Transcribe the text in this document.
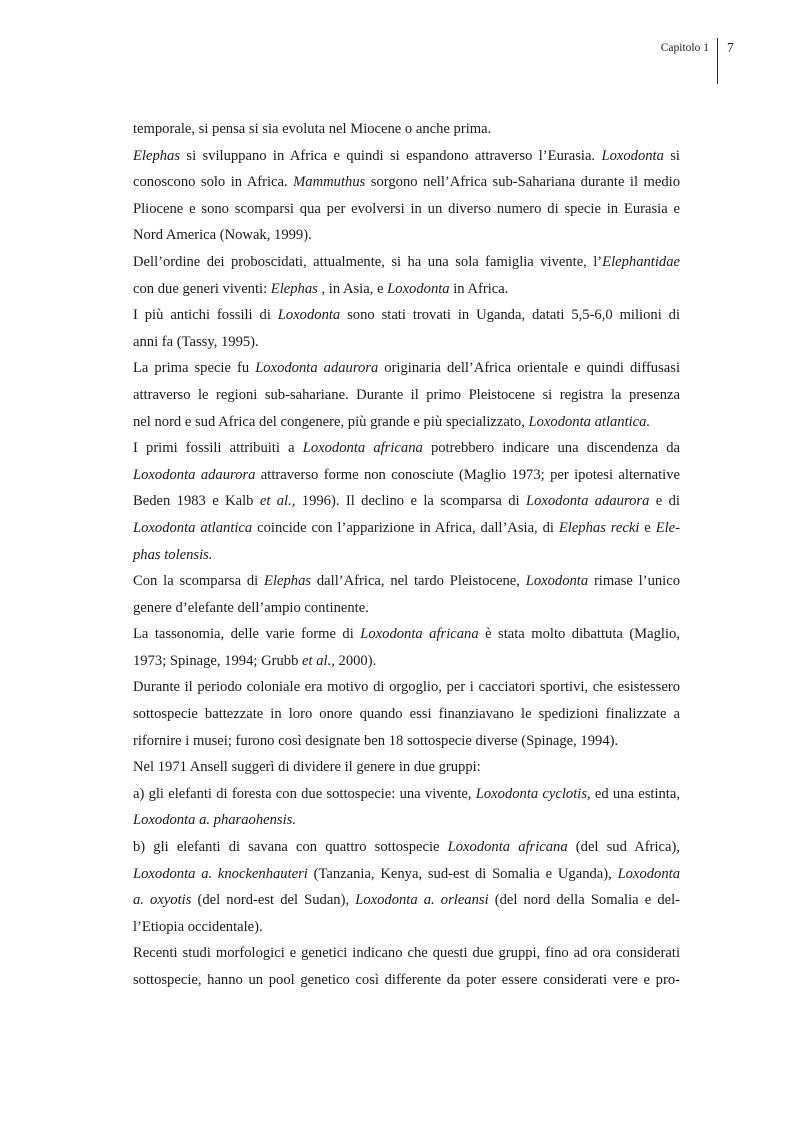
Capitolo 1 7

temporale, si pensa si sia evoluta nel Miocene o anche prima.

Elephas si sviluppano in Africa e quindi si espandono attraverso l’Eurasia. Loxodonta si
conoscono solo in Africa. Mammuthus sorgono nell’Africa sub-Sahariana durante il medio
Pliocene e sono scomparsi qua per evolversi in un diverso numero di specie in Eurasia e
Nord America (Nowak, 1999).

Dell’ordine dei proboscidati, attualmente, si ha una sola famiglia vivente, l’Elephantidae
con due generi viventi: Elephas , in Asia, e Loxodonta in Africa.

I più antichi fossili di Loxodonta sono stati trovati in Uganda, datati 5,5-6,0 milioni di
anni fa (Tassy, 1995).

La prima specie fu Loxodonta adaurora originaria dell’Africa orientale e quindi diffusasi
attraverso le regioni sub-sahariane. Durante il primo Pleistocene si registra la presenza
nel nord e sud Africa del congenere, più grande e più specializzato, Loxodonta atlantica.

I primi fossili attribuiti a Loxodonta africana potrebbero indicare una discendenza da
Loxodonta adaurora attraverso forme non conosciute (Maglio 1973; per ipotesi alternative
Beden 1983 e Kalb et al., 1996). Il declino e la scomparsa di Loxodonta adaurora e di
Loxodonta atlantica coincide con l’apparizione in Africa, dall’Asia, di Elephas recki e Ele-
phas tolensis.

Con la scomparsa di Elephas dall’Africa, nel tardo Pleistocene, Loxodonta rimase l’unico
genere d’elefante dell’ampio continente.

La tassonomia, delle varie forme di Loxodonta africana è stata molto dibattuta (Maglio,
1973; Spinage, 1994; Grubb et al., 2000).

Durante il periodo coloniale era motivo di orgoglio, per i cacciatori sportivi, che esistessero
sottospecie battezzate in loro onore quando essi finanziavano le spedizioni finalizzate a
rifornire i musei; furono così designate ben 18 sottospecie diverse (Spinage, 1994).

Nel 1971 Ansell suggerì di dividere il genere in due gruppi:

a) gli elefanti di foresta con due sottospecie: una vivente, Loxodonta cyclotis, ed una estinta,
Loxodonta a. pharaohensis.

b) gli elefanti di savana con quattro sottospecie Loxodonta africana (del sud Africa),
Loxodonta a. knockenhauteri (Tanzania, Kenya, sud-est di Somalia e Uganda), Loxodonta
a. oxyotis (del nord-est del Sudan), Loxodonta a. orleansi (del nord della Somalia e del-
l’Etiopia occidentale).

Recenti studi morfologici e genetici indicano che questi due gruppi, fino ad ora considerati
sottospecie, hanno un pool genetico così differente da poter essere considerati vere e pro-
